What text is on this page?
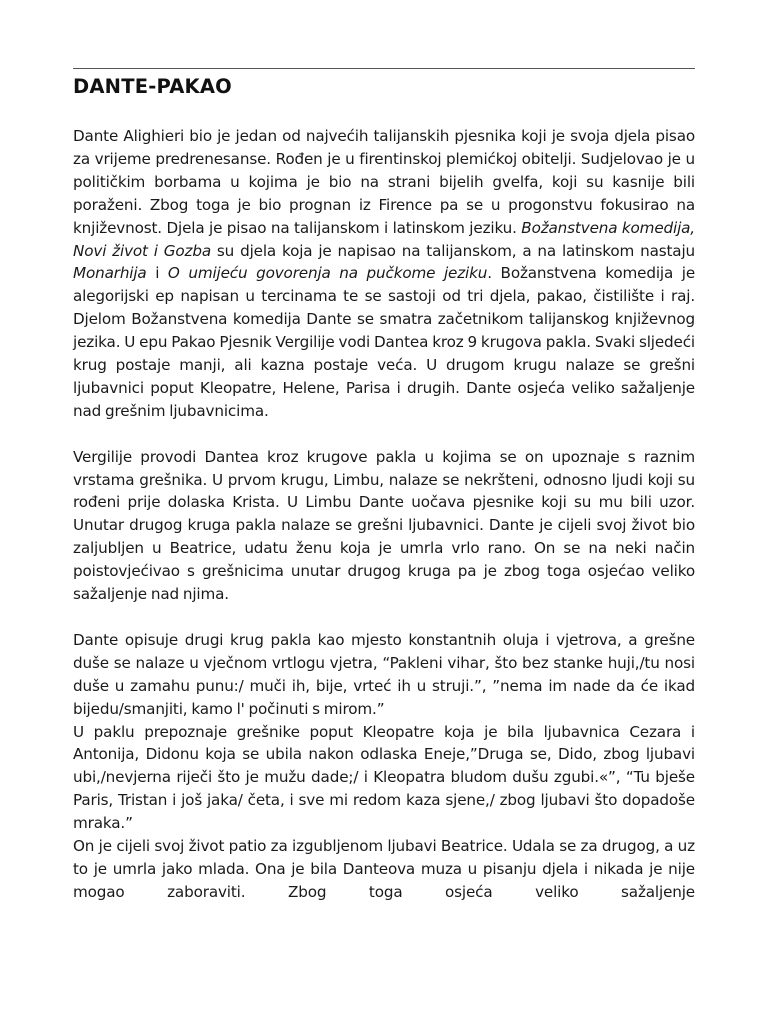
DANTE-PAKAO

Dante Alighieri bio je jedan od najvećih talijanskih pjesnika koji je svoja djela pisao za vrijeme predrenesanse. Rođen je u firentinskoj plemićkoj obitelji. Sudjelovao je u političkim borbama u kojima je bio na strani bijelih gvelfa, koji su kasnije bili poraženi. Zbog toga je bio prognan iz Firence pa se u progonstvu fokusirao na književnost. Djela je pisao na talijanskom i latinskom jeziku. Božanstvena komedija, Novi život i Gozba su djela koja je napisao na talijanskom, a na latinskom nastaju Monarhija i O umijeću govorenja na pučkome jeziku. Božanstvena komedija je alegorijski ep napisan u tercinama te se sastoji od tri djela, pakao, čistilište i raj. Djelom Božanstvena komedija Dante se smatra začetnikom talijanskog književnog jezika. U epu Pakao Pjesnik Vergilije vodi Dantea kroz 9 krugova pakla. Svaki sljedeći krug postaje manji, ali kazna postaje veća. U drugom krugu nalaze se grešni ljubavnici poput Kleopatre, Helene, Parisa i drugih. Dante osjeća veliko sažaljenje nad grešnim ljubavnicima.

Vergilije provodi Dantea kroz krugove pakla u kojima se on upoznaje s raznim vrstama grešnika. U prvom krugu, Limbu, nalaze se nekršteni, odnosno ljudi koji su rođeni prije dolaska Krista. U Limbu Dante uočava pjesnike koji su mu bili uzor. Unutar drugog kruga pakla nalaze se grešni ljubavnici. Dante je cijeli svoj život bio zaljubljen u Beatrice, udatu ženu koja je umrla vrlo rano. On se na neki način poistovjećivao s grešnicima unutar drugog kruga pa je zbog toga osjećao veliko sažaljenje nad njima.

Dante opisuje drugi krug pakla kao mjesto konstantnih oluja i vjetrova, a grešne duše se nalaze u vječnom vrtlogu vjetra, “Pakleni vihar, što bez stanke huji,/tu nosi duše u zamahu punu:/ muči ih, bije, vrteć ih u struji.”, ”nema im nade da će ikad bijedu/smanjiti, kamo l' počinuti s mirom.”

U paklu prepoznaje grešnike poput Kleopatre koja je bila ljubavnica Cezara i Antonija, Didonu koja se ubila nakon odlaska Eneje,”Druga se, Dido, zbog ljubavi ubi,/nevjerna riječi što je mužu dade;/ i Kleopatra bludom dušu zgubi.«”, “Tu bješe Paris, Tristan i još jaka/ četa, i sve mi redom kaza sjene,/ zbog ljubavi što dopadoše mraka.”

On je cijeli svoj život patio za izgubljenom ljubavi Beatrice. Udala se za drugog, a uz to je umrla jako mlada. Ona je bila Danteova muza u pisanju djela i nikada je nije mogao zaboraviti. Zbog toga osjeća veliko sažaljenje
